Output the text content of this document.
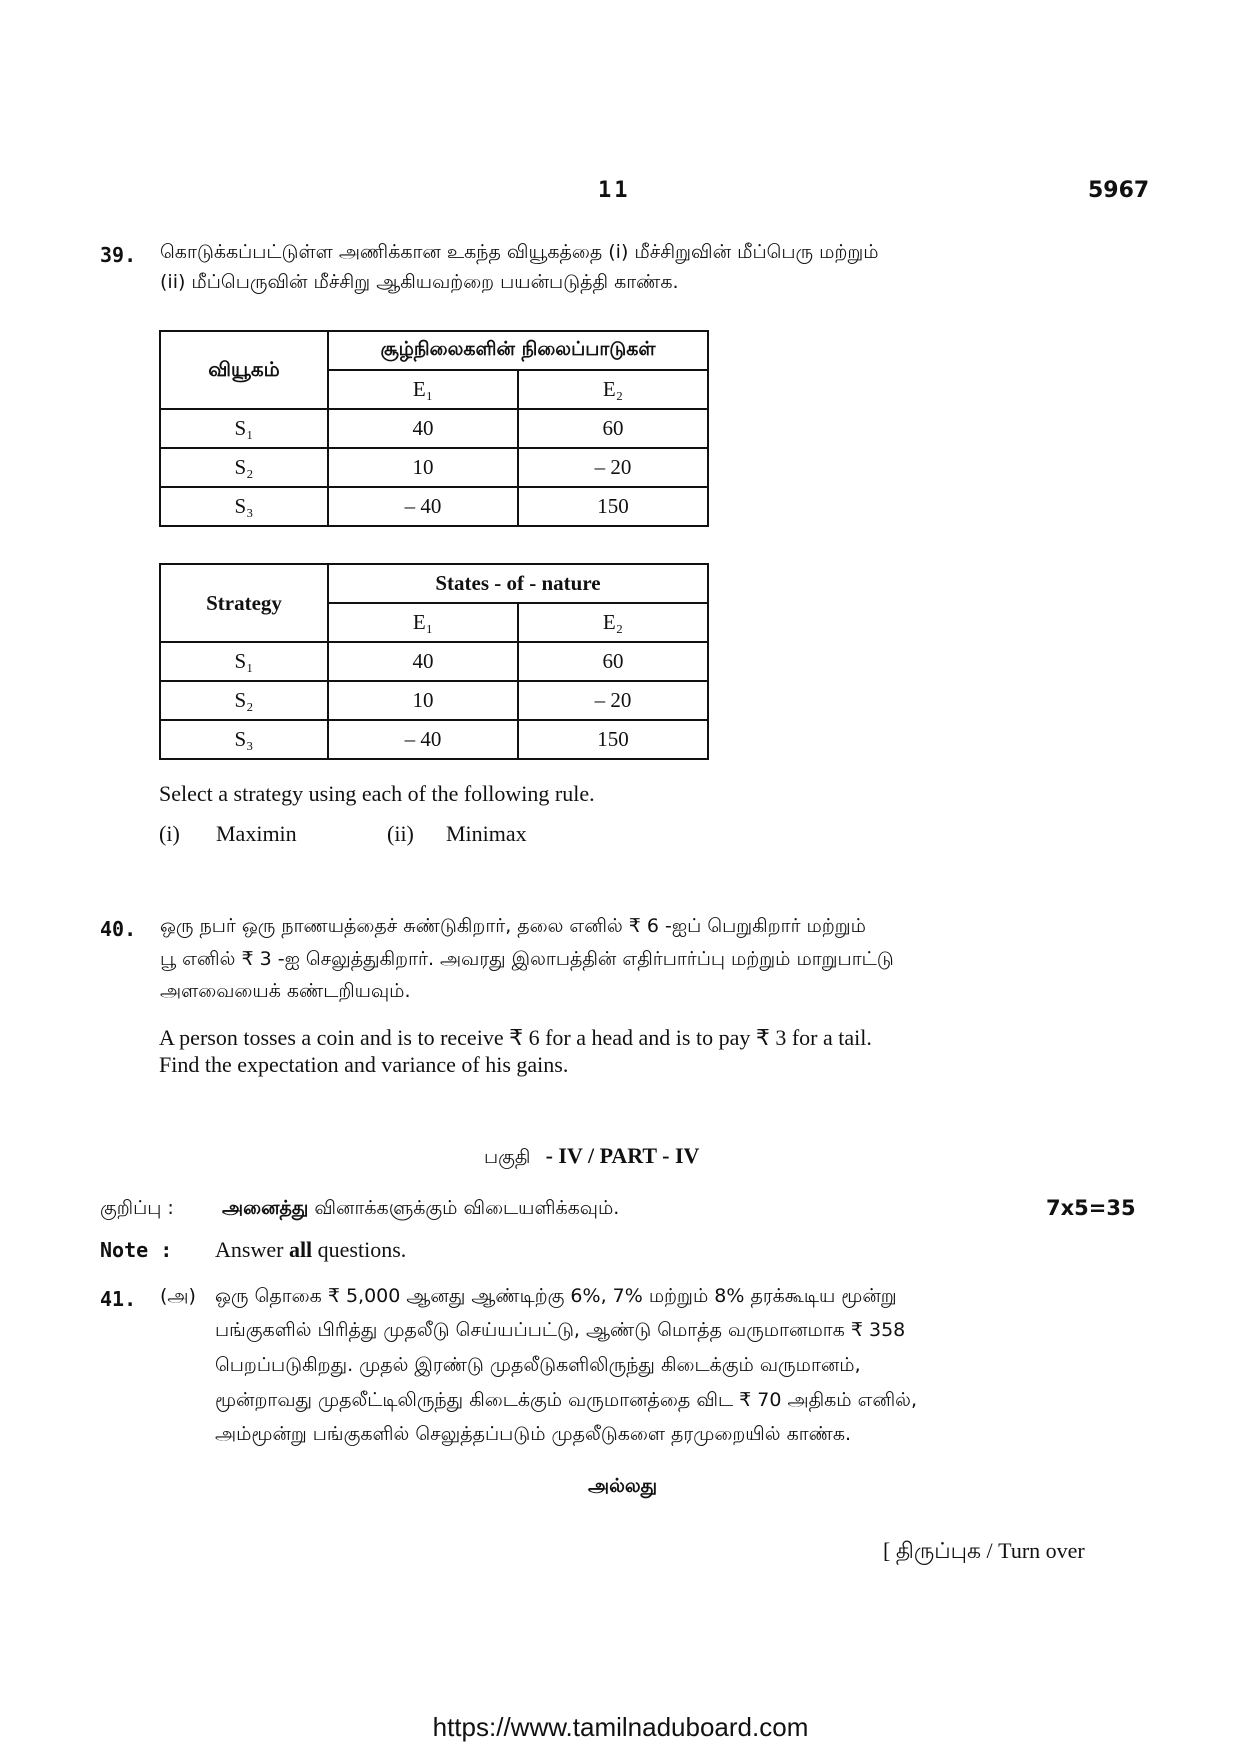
11	5967
39. கொடுக்கப்பட்டுள்ள அணிக்கான உகந்த வியூகத்தை (i) மீச்சிறுவின் மீப்பெரு மற்றும்
(ii) மீப்பெருவின் மீச்சிறு ஆகியவற்றை பயன்படுத்தி காண்க.
வியூகம்	சூழ்நிலைகளின் நிலைப்பாடுகள்	
	E₁	E₂
S₁	40	60
S₂	10	– 20
S₃	– 40	150
Strategy	States - of - nature	
	E₁	E₂
S₁	40	60
S₂	10	– 20
S₃	– 40	150
Select a strategy using each of the following rule.
(i) Maximin	(ii) Minimax
40. ஒரு நபர் ஒரு நாணயத்தைச் சுண்டுகிறார், தலை எனில் ₹ 6 -ஐப் பெறுகிறார் மற்றும்
பூ எனில் ₹ 3 -ஐ செலுத்துகிறார். அவரது இலாபத்தின் எதிர்பார்ப்பு மற்றும் மாறுபாட்டு
அளவையைக் கண்டறியவும்.
A person tosses a coin and is to receive ₹ 6 for a head and is to pay ₹ 3 for a tail.
Find the expectation and variance of his gains.
பகுதி - IV / PART - IV
குறிப்பு :	அனைத்து வினாக்களுக்கும் விடையளிக்கவும்.	7x5=35
Note : Answer all questions.
41. (அ) ஒரு தொகை ₹ 5,000 ஆனது ஆண்டிற்கு 6%, 7% மற்றும் 8% தரக்கூடிய மூன்று
பங்குகளில் பிரித்து முதலீடு செய்யப்பட்டு, ஆண்டு மொத்த வருமானமாக ₹ 358
பெறப்படுகிறது. முதல் இரண்டு முதலீடுகளிலிருந்து கிடைக்கும் வருமானம்,
மூன்றாவது முதலீட்டிலிருந்து கிடைக்கும் வருமானத்தை விட ₹ 70 அதிகம் எனில்,
அம்மூன்று பங்குகளில் செலுத்தப்படும் முதலீடுகளை தரமுறையில் காண்க.
அல்லது
[ திருப்புக / Turn over
https://www.tamilnaduboard.com
